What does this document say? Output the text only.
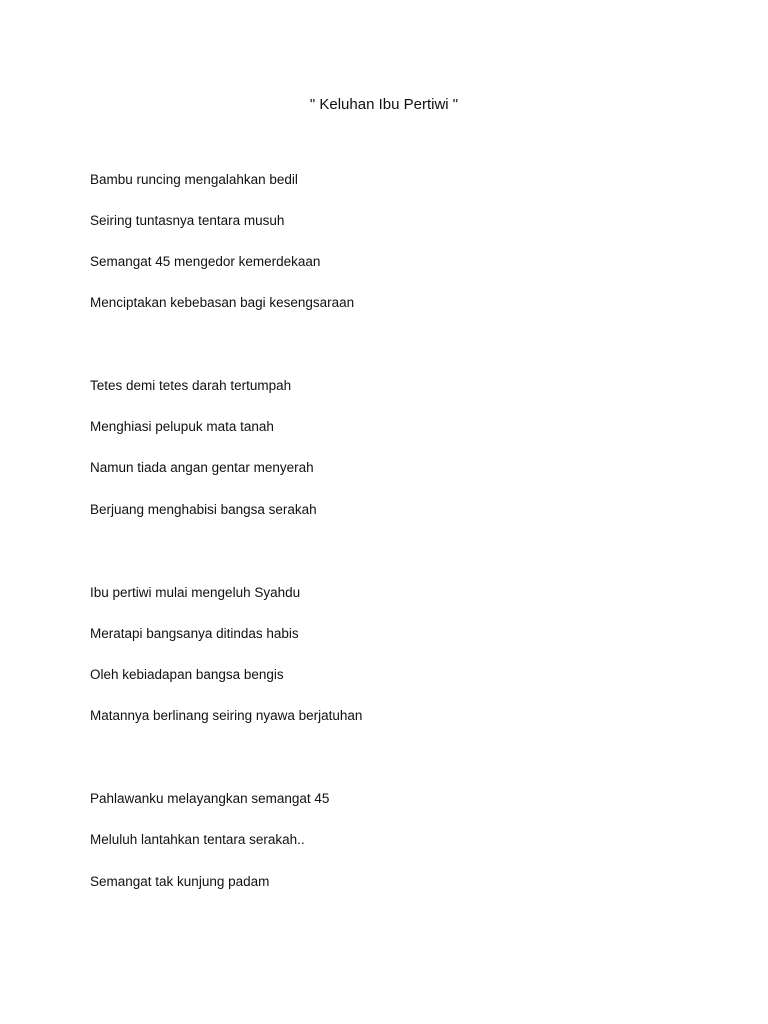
" Keluhan Ibu Pertiwi "
Bambu runcing mengalahkan bedil
Seiring tuntasnya tentara musuh
Semangat 45 mengedor kemerdekaan
Menciptakan kebebasan bagi kesengsaraan
Tetes demi tetes darah tertumpah
Menghiasi pelupuk mata tanah
Namun tiada angan gentar menyerah
Berjuang menghabisi bangsa serakah
Ibu pertiwi mulai mengeluh Syahdu
Meratapi bangsanya ditindas habis
Oleh kebiadapan bangsa bengis
Matannya berlinang seiring nyawa berjatuhan
Pahlawanku melayangkan semangat 45
Meluluh lantahkan tentara serakah..
Semangat tak kunjung padam
